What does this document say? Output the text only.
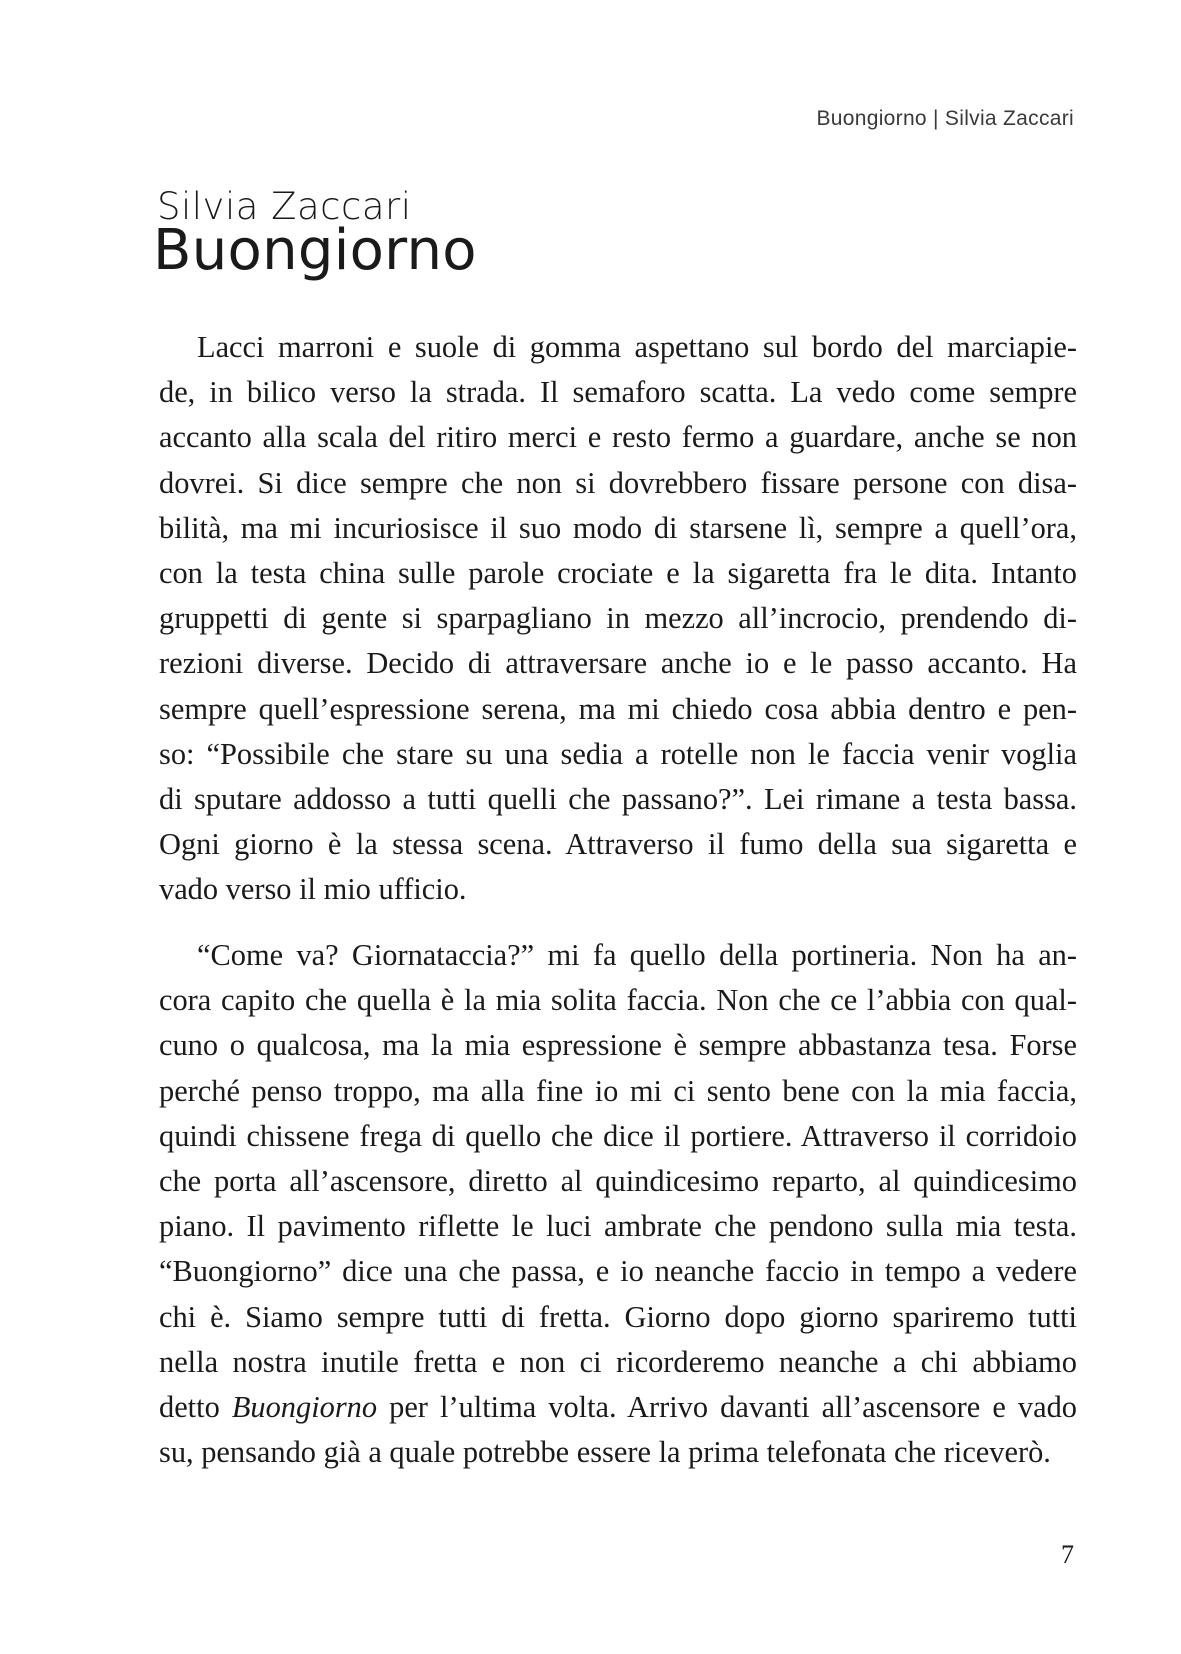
Buongiorno | Silvia Zaccari
Silvia Zaccari
Buongiorno
Lacci marroni e suole di gomma aspettano sul bordo del marciapie-
de, in bilico verso la strada. Il semaforo scatta. La vedo come sempre
accanto alla scala del ritiro merci e resto fermo a guardare, anche se non
dovrei. Si dice sempre che non si dovrebbero fissare persone con disa-
bilità, ma mi incuriosisce il suo modo di starsene lì, sempre a quell’ora,
con la testa china sulle parole crociate e la sigaretta fra le dita. Intanto
gruppetti di gente si sparpagliano in mezzo all’incrocio, prendendo di-
rezioni diverse. Decido di attraversare anche io e le passo accanto. Ha
sempre quell’espressione serena, ma mi chiedo cosa abbia dentro e pen-
so: “Possibile che stare su una sedia a rotelle non le faccia venir voglia
di sputare addosso a tutti quelli che passano?”. Lei rimane a testa bassa.
Ogni giorno è la stessa scena. Attraverso il fumo della sua sigaretta e
vado verso il mio ufficio.
“Come va? Giornataccia?” mi fa quello della portineria. Non ha an-
cora capito che quella è la mia solita faccia. Non che ce l’abbia con qual-
cuno o qualcosa, ma la mia espressione è sempre abbastanza tesa. Forse
perché penso troppo, ma alla fine io mi ci sento bene con la mia faccia,
quindi chissene frega di quello che dice il portiere. Attraverso il corridoio
che porta all’ascensore, diretto al quindicesimo reparto, al quindicesimo
piano. Il pavimento riflette le luci ambrate che pendono sulla mia testa.
“Buongiorno” dice una che passa, e io neanche faccio in tempo a vedere
chi è. Siamo sempre tutti di fretta. Giorno dopo giorno spariremo tutti
nella nostra inutile fretta e non ci ricorderemo neanche a chi abbiamo
detto Buongiorno per l’ultima volta. Arrivo davanti all’ascensore e vado
su, pensando già a quale potrebbe essere la prima telefonata che riceverò.
7
